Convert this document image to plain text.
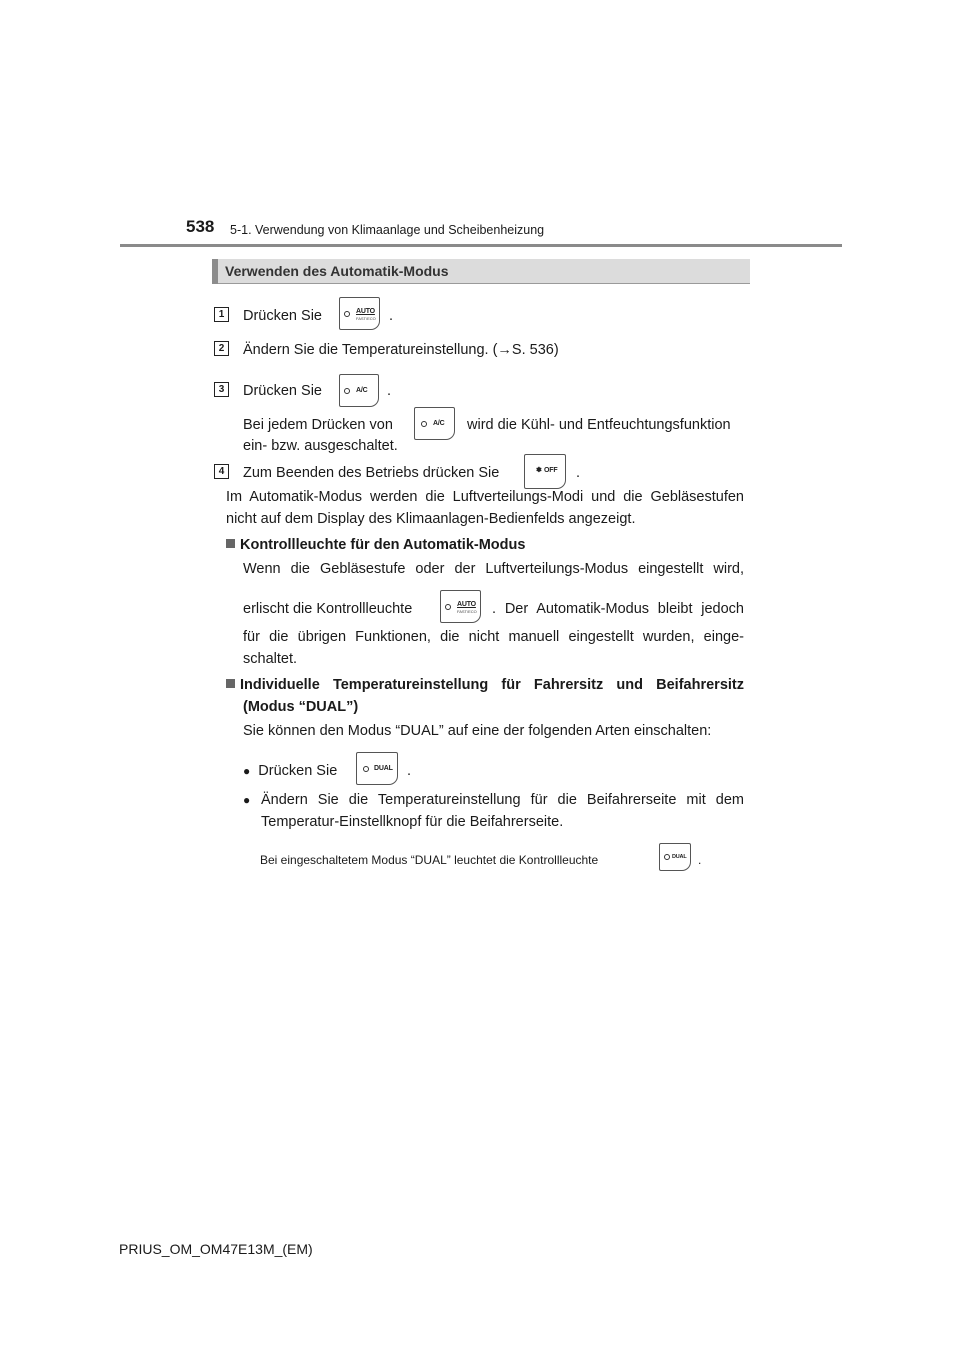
538 5-1. Verwendung von Klimaanlage und Scheibenheizung
Verwenden des Automatik-Modus
1	Drücken Sie	AUTO
FAST/ECO .
2	Ändern Sie die Temperatureinstellung. (→S. 536)
3	Drücken Sie	A/C .
Bei jedem Drücken von	A/C wird die Kühl- und Entfeuchtungsfunktion
ein- bzw. ausgeschaltet.
4	Zum Beenden des Betriebs drücken Sie	✽ OFF .
Im Automatik-Modus werden die Luftverteilungs-Modi und die Gebläsestufen
nicht auf dem Display des Klimaanlagen-Bedienfelds angezeigt.
Kontrollleuchte für den Automatik-Modus
Wenn die Gebläsestufe oder der Luftverteilungs-Modus eingestellt wird,
erlischt die Kontrollleuchte	AUTO
FAST/ECO . Der Automatik-Modus bleibt jedoch
für die übrigen Funktionen, die nicht manuell eingestellt wurden, einge-
schaltet.
Individuelle Temperatureinstellung für Fahrersitz und Beifahrersitz
(Modus “DUAL”)
Sie können den Modus “DUAL” auf eine der folgenden Arten einschalten:
● Drücken Sie	DUAL .
● Ändern Sie die Temperatureinstellung für die Beifahrerseite mit dem
Temperatur-Einstellknopf für die Beifahrerseite.
Bei eingeschaltetem Modus “DUAL” leuchtet die Kontrollleuchte	DUAL .
PRIUS_OM_OM47E13M_(EM)
